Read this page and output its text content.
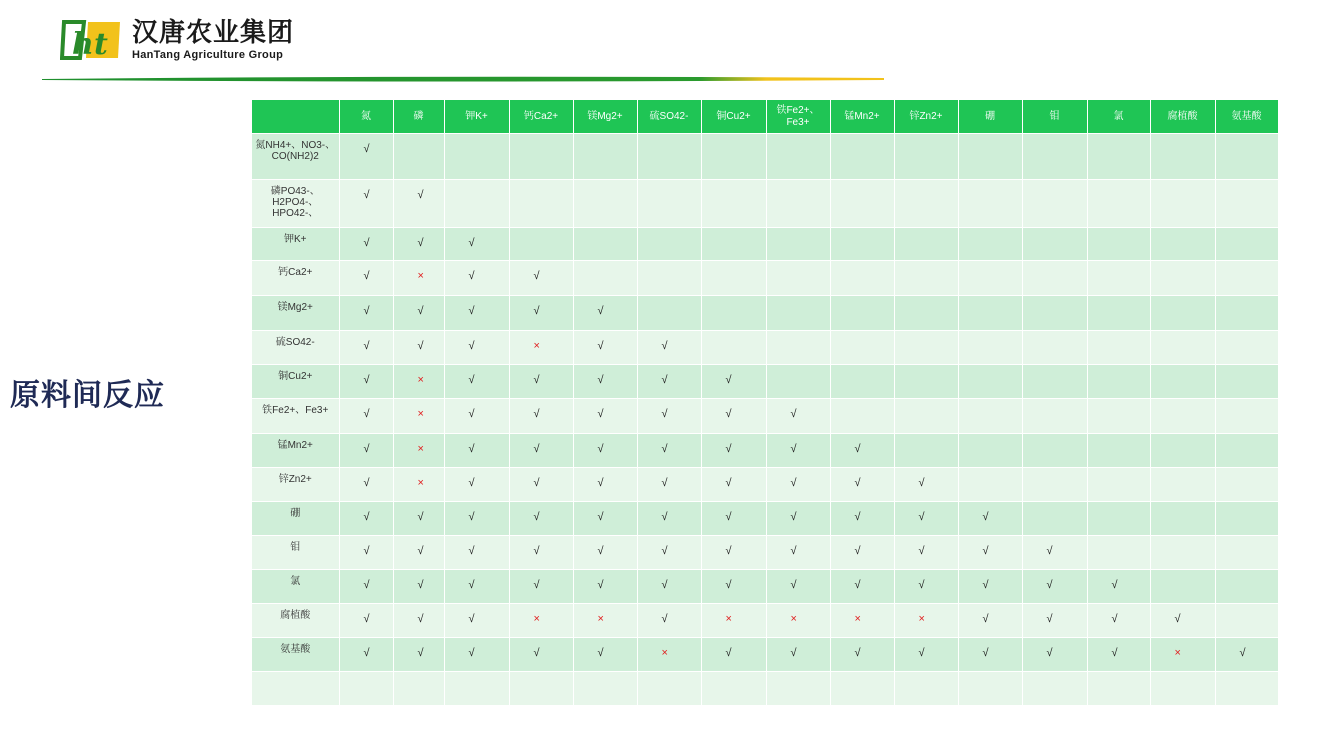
h t 汉唐农业集团
HanTang Agriculture Group
原料间反应
	氮	磷	钾K+	钙Ca2+	镁Mg2+	硫SO42-	铜Cu2+	铁Fe2+、Fe3+	锰Mn2+	锌Zn2+	硼	钼	氯	腐植酸	氨基酸
氮NH4+、NO3-、CO(NH2)2	√														
磷PO43-、H2PO4-、HPO42-、	√	√													
钾K+	√	√	√												
钙Ca2+	√	×	√	√											
镁Mg2+	√	√	√	√	√										
硫SO42-	√	√	√	×	√	√									
铜Cu2+	√	×	√	√	√	√	√								
铁Fe2+、Fe3+	√	×	√	√	√	√	√	√							
锰Mn2+	√	×	√	√	√	√	√	√	√						
锌Zn2+	√	×	√	√	√	√	√	√	√	√					
硼	√	√	√	√	√	√	√	√	√	√	√				
钼	√	√	√	√	√	√	√	√	√	√	√	√			
氯	√	√	√	√	√	√	√	√	√	√	√	√	√		
腐植酸	√	√	√	×	×	√	×	×	×	×	√	√	√	√	
氨基酸	√	√	√	√	√	×	√	√	√	√	√	√	√	×	√
